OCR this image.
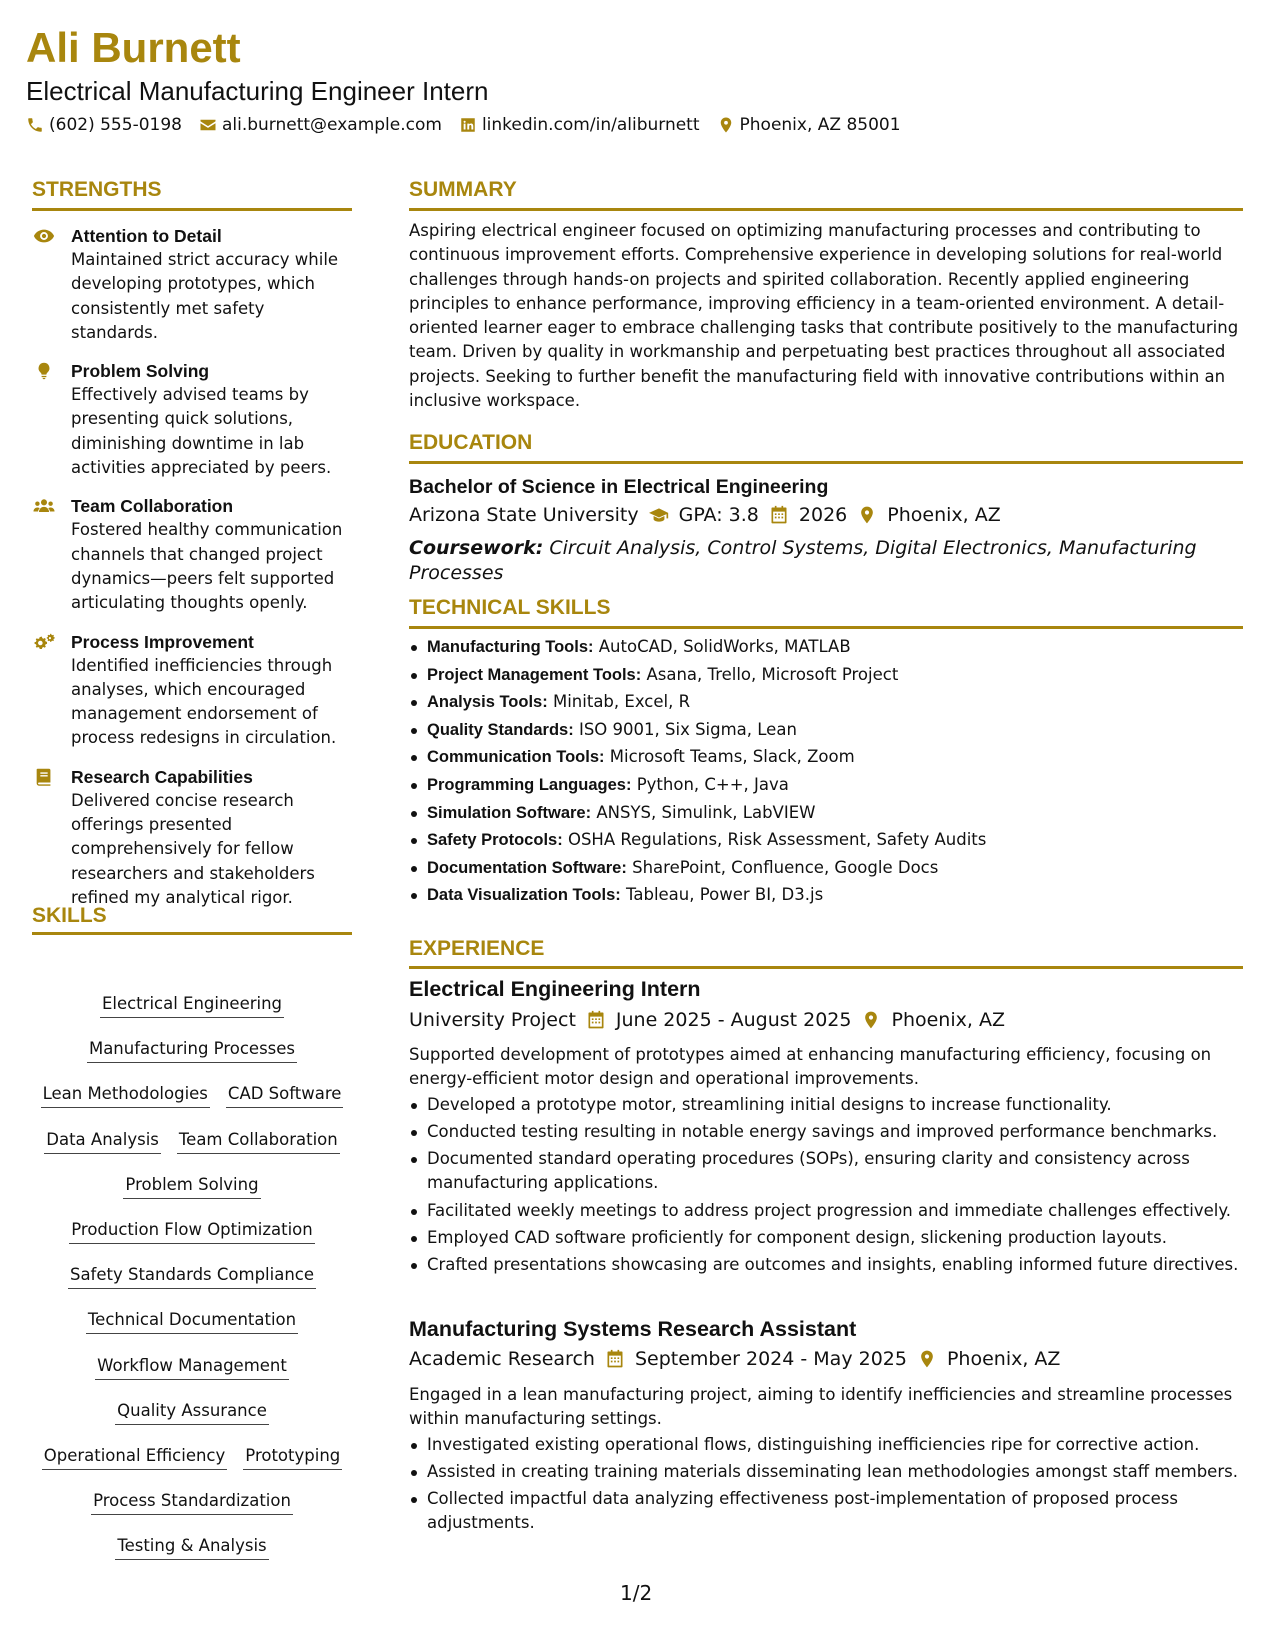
Ali Burnett
Electrical Manufacturing Engineer Intern
(602) 555-0198 ali.burnett@example.com linkedin.com/in/aliburnett Phoenix, AZ 85001
STRENGTHS
Attention to Detail
Maintained strict accuracy while developing prototypes, which consistently met safety standards.
Problem Solving
Effectively advised teams by presenting quick solutions, diminishing downtime in lab activities appreciated by peers.
Team Collaboration
Fostered healthy communication channels that changed project dynamics—peers felt supported articulating thoughts openly.
Process Improvement
Identified inefficiencies through analyses, which encouraged management endorsement of process redesigns in circulation.
Research Capabilities
Delivered concise research offerings presented comprehensively for fellow researchers and stakeholders refined my analytical rigor.
SKILLS
Electrical Engineering
Manufacturing Processes
Lean Methodologies CAD Software
Data Analysis Team Collaboration
Problem Solving
Production Flow Optimization
Safety Standards Compliance
Technical Documentation
Workflow Management
Quality Assurance
Operational Efficiency Prototyping
Process Standardization
Testing & Analysis
SUMMARY

Aspiring electrical engineer focused on optimizing manufacturing processes and contributing to continuous improvement efforts. Comprehensive experience in developing solutions for real-world challenges through hands-on projects and spirited collaboration. Recently applied engineering principles to enhance performance, improving efficiency in a team-oriented environment. A detail-oriented learner eager to embrace challenging tasks that contribute positively to the manufacturing team. Driven by quality in workmanship and perpetuating best practices throughout all associated projects. Seeking to further benefit the manufacturing field with innovative contributions within an inclusive workspace.

EDUCATION
Bachelor of Science in Electrical Engineering
Arizona State University GPA: 3.8 2026 Phoenix, AZ
Coursework: Circuit Analysis, Control Systems, Digital Electronics, Manufacturing Processes
TECHNICAL SKILLS
Manufacturing Tools: AutoCAD, SolidWorks, MATLAB
Project Management Tools: Asana, Trello, Microsoft Project
Analysis Tools: Minitab, Excel, R
Quality Standards: ISO 9001, Six Sigma, Lean
Communication Tools: Microsoft Teams, Slack, Zoom
Programming Languages: Python, C++, Java
Simulation Software: ANSYS, Simulink, LabVIEW
Safety Protocols: OSHA Regulations, Risk Assessment, Safety Audits
Documentation Software: SharePoint, Confluence, Google Docs
Data Visualization Tools: Tableau, Power BI, D3.js
EXPERIENCE
Electrical Engineering Intern
University Project June 2025 - August 2025 Phoenix, AZ

Supported development of prototypes aimed at enhancing manufacturing efficiency, focusing on energy-efficient motor design and operational improvements.

Developed a prototype motor, streamlining initial designs to increase functionality.
Conducted testing resulting in notable energy savings and improved performance benchmarks.
Documented standard operating procedures (SOPs), ensuring clarity and consistency across manufacturing applications.
Facilitated weekly meetings to address project progression and immediate challenges effectively.
Employed CAD software proficiently for component design, slickening production layouts.
Crafted presentations showcasing are outcomes and insights, enabling informed future directives.
Manufacturing Systems Research Assistant
Academic Research September 2024 - May 2025 Phoenix, AZ

Engaged in a lean manufacturing project, aiming to identify inefficiencies and streamline processes within manufacturing settings.

Investigated existing operational flows, distinguishing inefficiencies ripe for corrective action.
Assisted in creating training materials disseminating lean methodologies amongst staff members.
Collected impactful data analyzing effectiveness post-implementation of proposed process adjustments.
1/2
